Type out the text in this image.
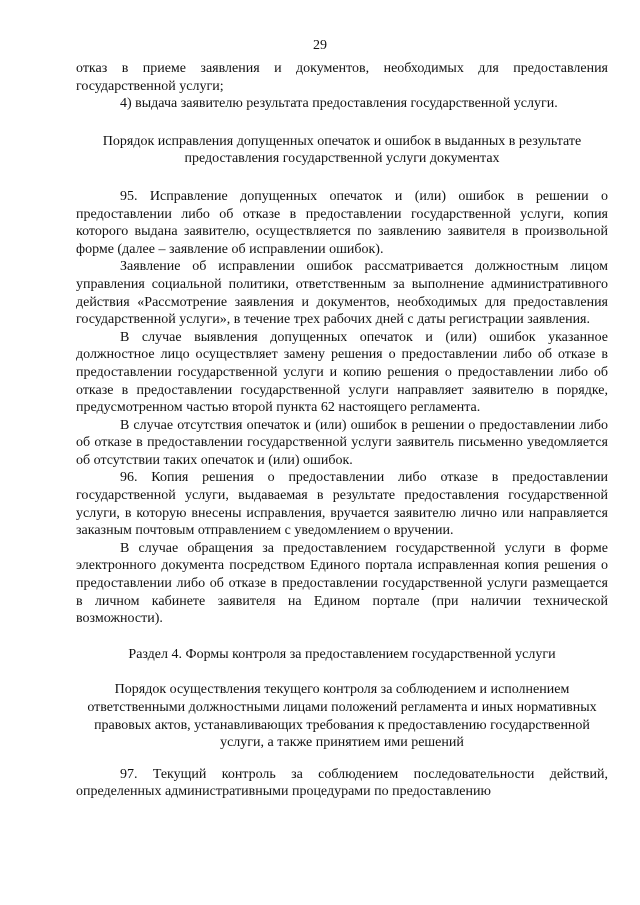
29

отказ в приеме заявления и документов, необходимых для предоставления государственной услуги;

4) выдача заявителю результата предоставления государственной услуги.

Порядок исправления допущенных опечаток и ошибок в выданных в результате предоставления государственной услуги документах

95. Исправление допущенных опечаток и (или) ошибок в решении о предоставлении либо об отказе в предоставлении государственной услуги, копия которого выдана заявителю, осуществляется по заявлению заявителя в произвольной форме (далее – заявление об исправлении ошибок).

Заявление об исправлении ошибок рассматривается должностным лицом управления социальной политики, ответственным за выполнение административного действия «Рассмотрение заявления и документов, необходимых для предоставления государственной услуги», в течение трех рабочих дней с даты регистрации заявления.

В случае выявления допущенных опечаток и (или) ошибок указанное должностное лицо осуществляет замену решения о предоставлении либо об отказе в предоставлении государственной услуги и копию решения о предоставлении либо об отказе в предоставлении государственной услуги направляет заявителю в порядке, предусмотренном частью второй пункта 62 настоящего регламента.

В случае отсутствия опечаток и (или) ошибок в решении о предоставлении либо об отказе в предоставлении государственной услуги заявитель письменно уведомляется об отсутствии таких опечаток и (или) ошибок.

96. Копия решения о предоставлении либо отказе в предоставлении государственной услуги, выдаваемая в результате предоставления государственной услуги, в которую внесены исправления, вручается заявителю лично или направляется заказным почтовым отправлением с уведомлением о вручении.

В случае обращения за предоставлением государственной услуги в форме электронного документа посредством Единого портала исправленная копия решения о предоставлении либо об отказе в предоставлении государственной услуги размещается в личном кабинете заявителя на Едином портале (при наличии технической возможности).

Раздел 4. Формы контроля за предоставлением государственной услуги

Порядок осуществления текущего контроля за соблюдением и исполнением ответственными должностными лицами положений регламента и иных нормативных правовых актов, устанавливающих требования к предоставлению государственной услуги, а также принятием ими решений

97. Текущий контроль за соблюдением последовательности действий, определенных административными процедурами по предоставлению
